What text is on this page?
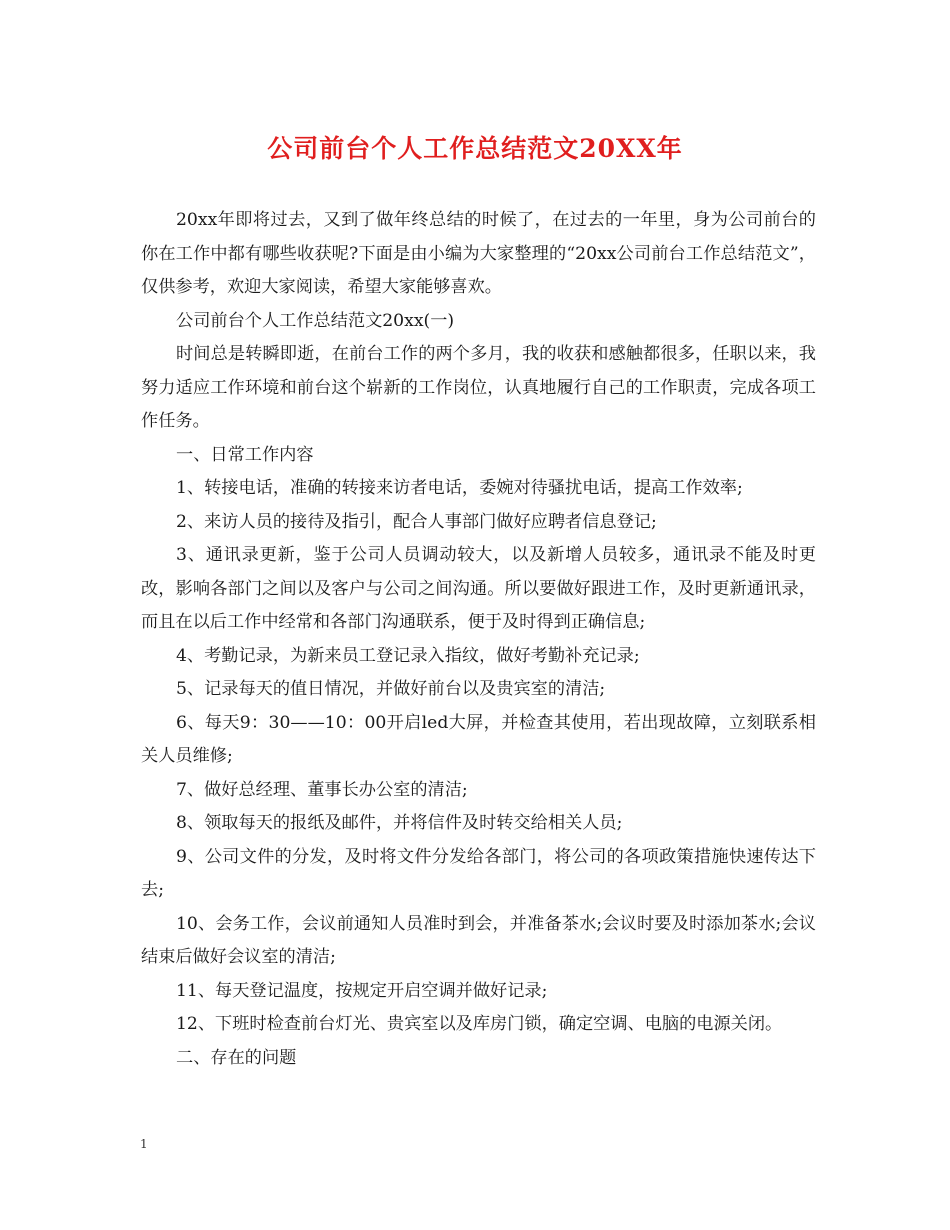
公司前台个人工作总结范文20XX年

20xx年即将过去，又到了做年终总结的时候了，在过去的一年里，身为公司前台的你在工作中都有哪些收获呢?下面是由小编为大家整理的“20xx公司前台工作总结范文”，仅供参考，欢迎大家阅读，希望大家能够喜欢。

公司前台个人工作总结范文20xx(一)

时间总是转瞬即逝，在前台工作的两个多月，我的收获和感触都很多，任职以来，我努力适应工作环境和前台这个崭新的工作岗位，认真地履行自己的工作职责，完成各项工作任务。

一、日常工作内容

1、转接电话，准确的转接来访者电话，委婉对待骚扰电话，提高工作效率;

2、来访人员的接待及指引，配合人事部门做好应聘者信息登记;

3、通讯录更新，鉴于公司人员调动较大，以及新增人员较多，通讯录不能及时更改，影响各部门之间以及客户与公司之间沟通。所以要做好跟进工作，及时更新通讯录，而且在以后工作中经常和各部门沟通联系，便于及时得到正确信息;

4、考勤记录，为新来员工登记录入指纹，做好考勤补充记录;

5、记录每天的值日情况，并做好前台以及贵宾室的清洁;

6、每天9：30——10：00开启led大屏，并检查其使用，若出现故障，立刻联系相关人员维修;

7、做好总经理、董事长办公室的清洁;

8、领取每天的报纸及邮件，并将信件及时转交给相关人员;

9、公司文件的分发，及时将文件分发给各部门，将公司的各项政策措施快速传达下去;

10、会务工作，会议前通知人员准时到会，并准备茶水;会议时要及时添加茶水;会议结束后做好会议室的清洁;

11、每天登记温度，按规定开启空调并做好记录;

12、下班时检查前台灯光、贵宾室以及库房门锁，确定空调、电脑的电源关闭。

二、存在的问题

1
